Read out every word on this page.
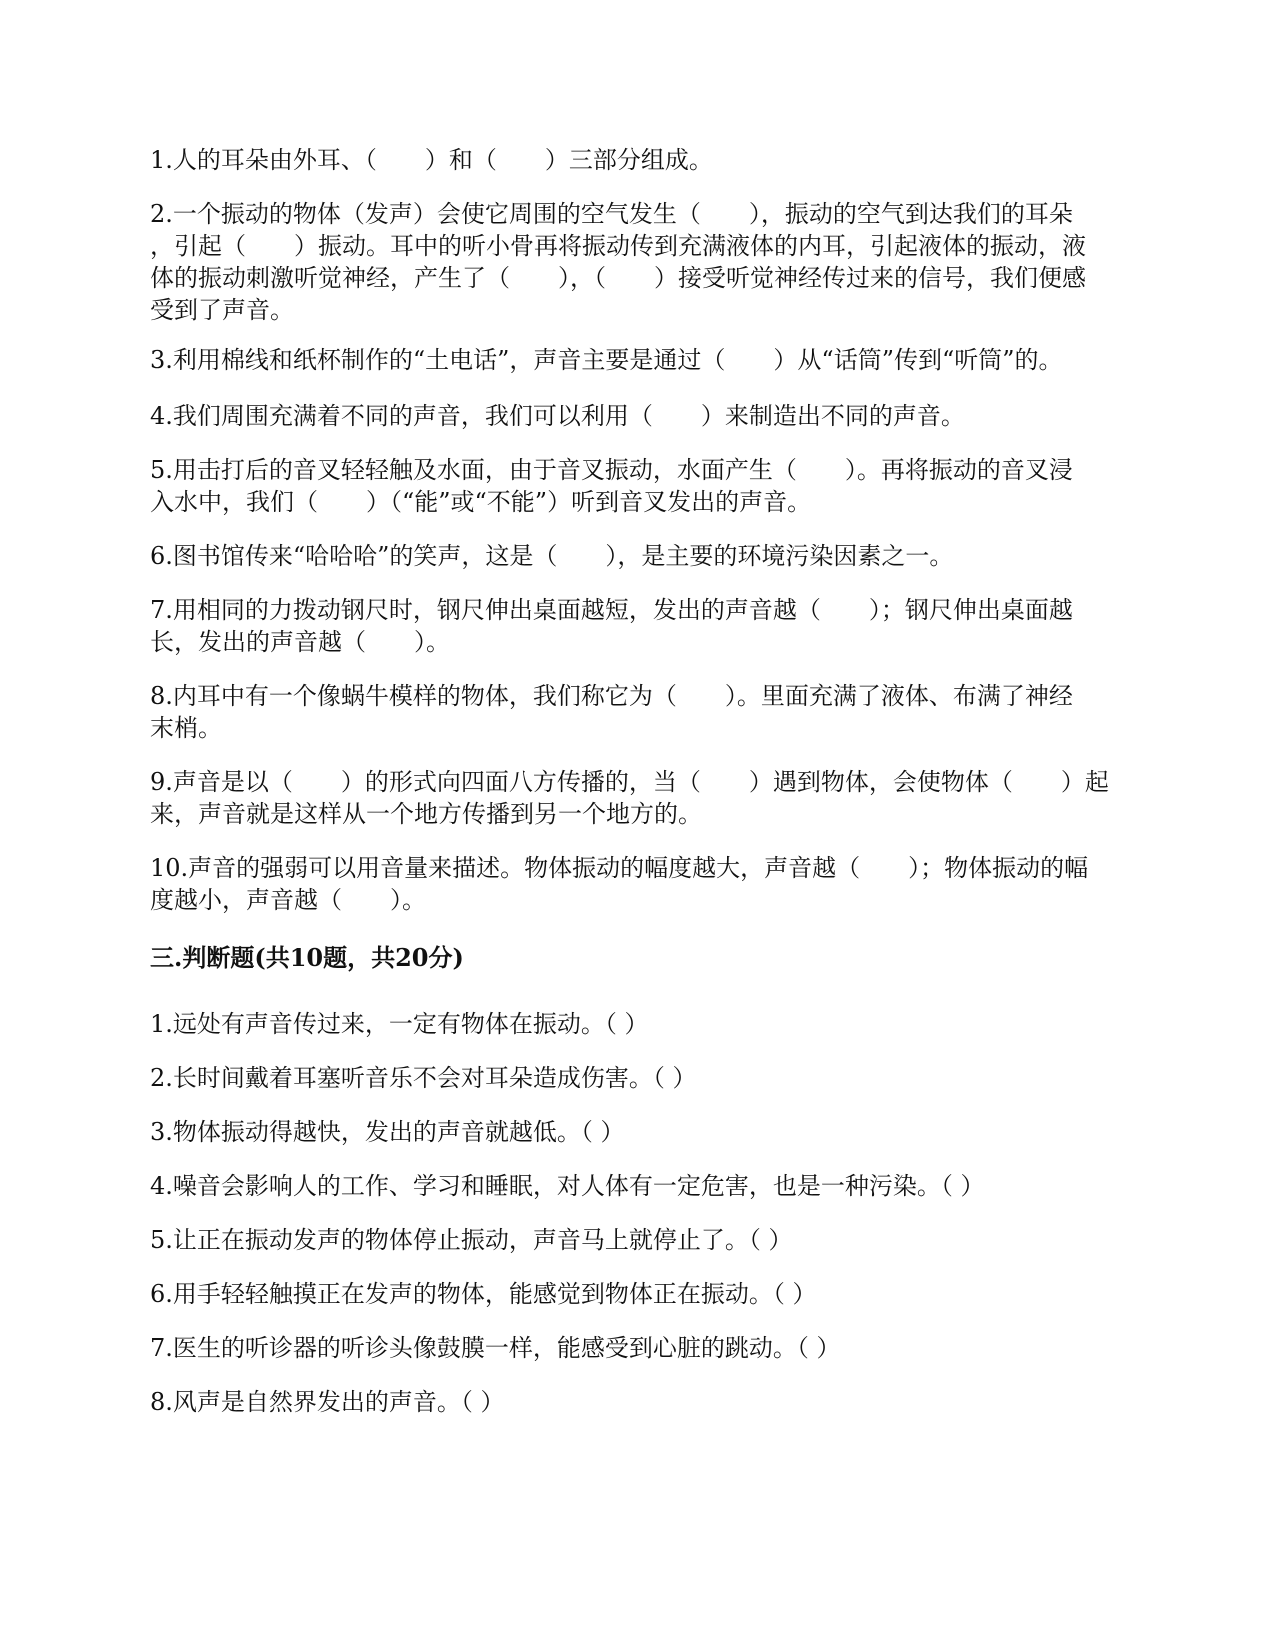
1.人的耳朵由外耳、（　　）和（　　）三部分组成。

2.一个振动的物体（发声）会使它周围的空气发生（　　），振动的空气到达我们的耳朵

，引起（　　）振动。耳中的听小骨再将振动传到充满液体的内耳，引起液体的振动，液

体的振动刺激听觉神经，产生了（　　），（　　）接受听觉神经传过来的信号，我们便感

受到了声音。

3.利用棉线和纸杯制作的“土电话”，声音主要是通过（　　）从“话筒”传到“听筒”的。

4.我们周围充满着不同的声音，我们可以利用（　　）来制造出不同的声音。

5.用击打后的音叉轻轻触及水面，由于音叉振动，水面产生（　　）。再将振动的音叉浸

入水中，我们（　　）（“能”或“不能”）听到音叉发出的声音。

6.图书馆传来“哈哈哈”的笑声，这是（　　），是主要的环境污染因素之一。

7.用相同的力拨动钢尺时，钢尺伸出桌面越短，发出的声音越（　　）；钢尺伸出桌面越

长，发出的声音越（　　）。

8.内耳中有一个像蜗牛模样的物体，我们称它为（　　）。里面充满了液体、布满了神经

末梢。

9.声音是以（　　）的形式向四面八方传播的，当（　　）遇到物体，会使物体（　　）起

来，声音就是这样从一个地方传播到另一个地方的。

10.声音的强弱可以用音量来描述。物体振动的幅度越大，声音越（　　）；物体振动的幅

度越小，声音越（　　）。

三.判断题(共10题，共20分)

1.远处有声音传过来，一定有物体在振动。（ ）

2.长时间戴着耳塞听音乐不会对耳朵造成伤害。（ ）

3.物体振动得越快，发出的声音就越低。（ ）

4.噪音会影响人的工作、学习和睡眠，对人体有一定危害，也是一种污染。（ ）

5.让正在振动发声的物体停止振动，声音马上就停止了。（ ）

6.用手轻轻触摸正在发声的物体，能感觉到物体正在振动。（ ）

7.医生的听诊器的听诊头像鼓膜一样，能感受到心脏的跳动。（ ）

8.风声是自然界发出的声音。（ ）
